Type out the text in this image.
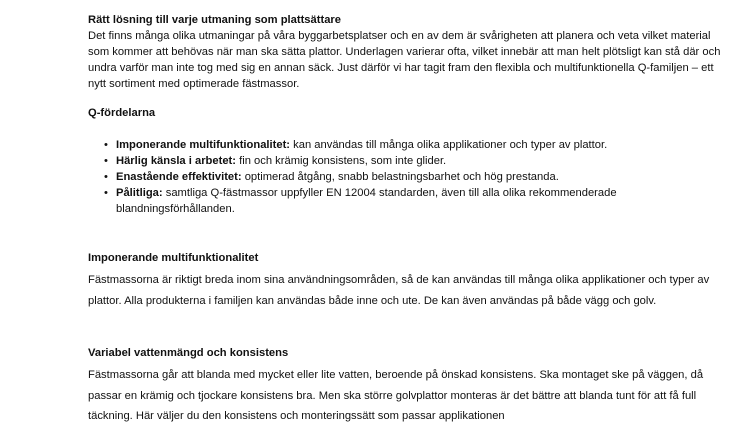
Rätt lösning till varje utmaning som plattsättare
Det finns många olika utmaningar på våra byggarbetsplatser och en av dem är svårigheten att planera och veta vilket material som kommer att behövas när man ska sätta plattor. Underlagen varierar ofta, vilket innebär att man helt plötsligt kan stå där och undra varför man inte tog med sig en annan säck. Just därför vi har tagit fram den flexibla och multifunktionella Q-familjen – ett nytt sortiment med optimerade fästmassor.
Q-fördelarna
• Imponerande multifunktionalitet: kan användas till många olika applikationer och typer av plattor.
• Härlig känsla i arbetet: fin och krämig konsistens, som inte glider.
• Enastående effektivitet: optimerad åtgång, snabb belastningsbarhet och hög prestanda.
• Pålitliga: samtliga Q-fästmassor uppfyller EN 12004 standarden, även till alla olika rekommenderade blandningsförhållanden.
Imponerande multifunktionalitet
Fästmassorna är riktigt breda inom sina användningsområden, så de kan användas till många olika applikationer och typer av plattor. Alla produkterna i familjen kan användas både inne och ute. De kan även användas på både vägg och golv.
Variabel vattenmängd och konsistens
Fästmassorna går att blanda med mycket eller lite vatten, beroende på önskad konsistens. Ska montaget ske på väggen, då passar en krämig och tjockare konsistens bra. Men ska större golvplattor monteras är det bättre att blanda tunt för att få full täckning. Här väljer du den konsistens och monteringssätt som passar applikationen
